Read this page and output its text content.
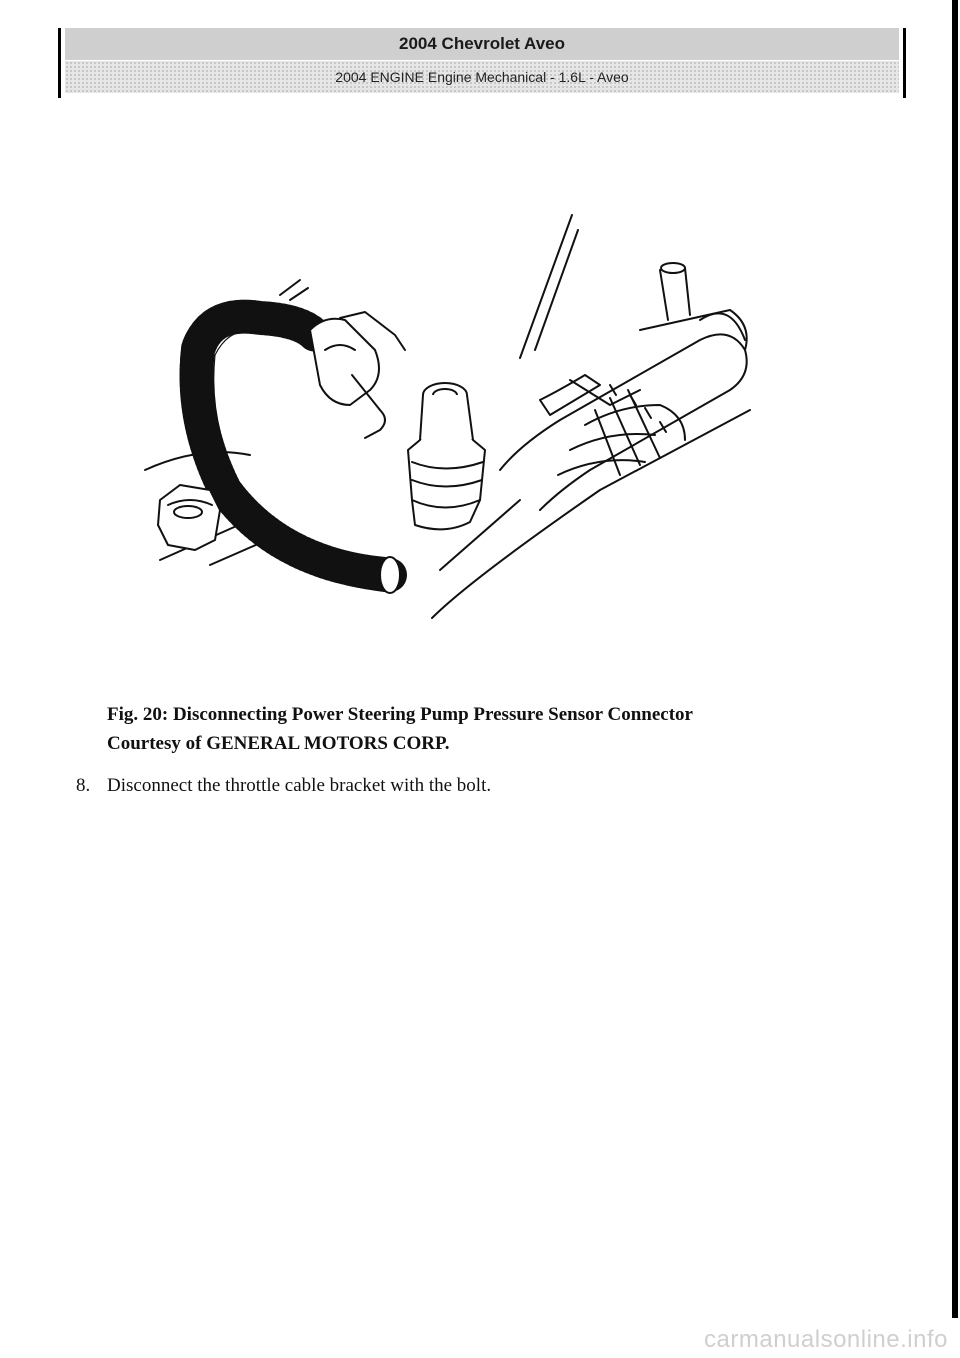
2004 Chevrolet Aveo
2004 ENGINE Engine Mechanical - 1.6L - Aveo
Fig. 20: Disconnecting Power Steering Pump Pressure Sensor Connector
Courtesy of GENERAL MOTORS CORP.
8. Disconnect the throttle cable bracket with the bolt.
carmanualsonline.info
